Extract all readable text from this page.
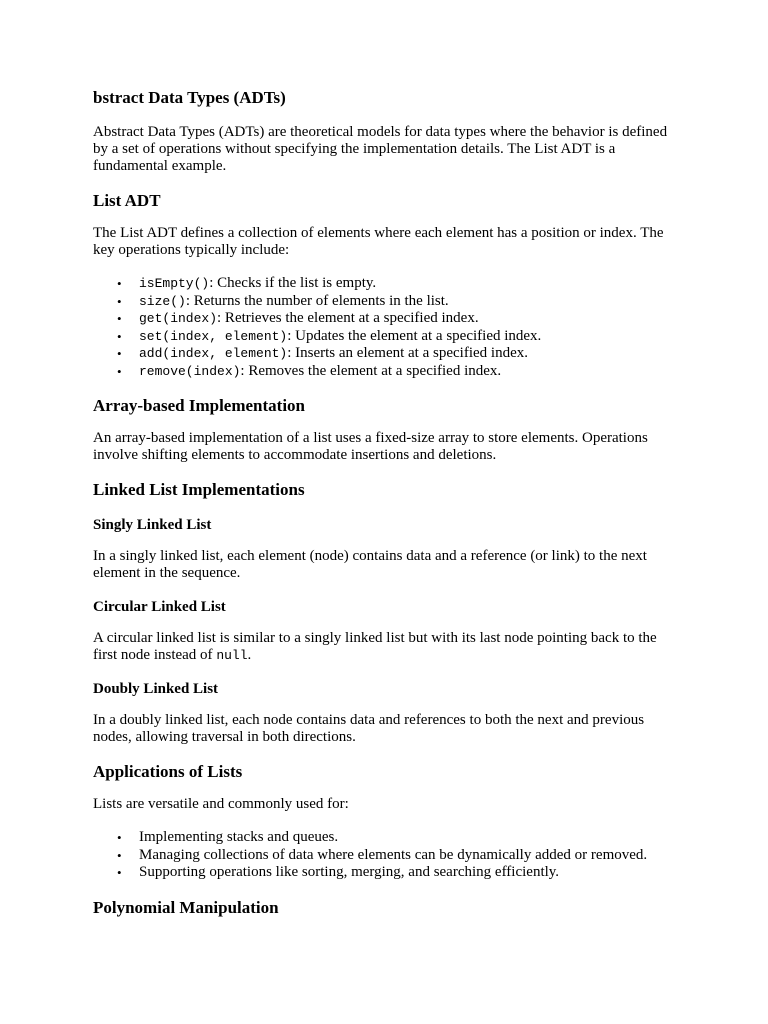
bstract Data Types (ADTs)

Abstract Data Types (ADTs) are theoretical models for data types where the behavior is defined by a set of operations without specifying the implementation details. The List ADT is a fundamental example.

List ADT

The List ADT defines a collection of elements where each element has a position or index. The key operations typically include:

• isEmpty(): Checks if the list is empty.
• size(): Returns the number of elements in the list.
• get(index): Retrieves the element at a specified index.
• set(index, element): Updates the element at a specified index.
• add(index, element): Inserts an element at a specified index.
• remove(index): Removes the element at a specified index.
Array-based Implementation

An array-based implementation of a list uses a fixed-size array to store elements. Operations involve shifting elements to accommodate insertions and deletions.

Linked List Implementations
Singly Linked List

In a singly linked list, each element (node) contains data and a reference (or link) to the next element in the sequence.

Circular Linked List

A circular linked list is similar to a singly linked list but with its last node pointing back to the first node instead of null.

Doubly Linked List

In a doubly linked list, each node contains data and references to both the next and previous nodes, allowing traversal in both directions.

Applications of Lists

Lists are versatile and commonly used for:

• Implementing stacks and queues.
• Managing collections of data where elements can be dynamically added or removed.
• Supporting operations like sorting, merging, and searching efficiently.
Polynomial Manipulation
